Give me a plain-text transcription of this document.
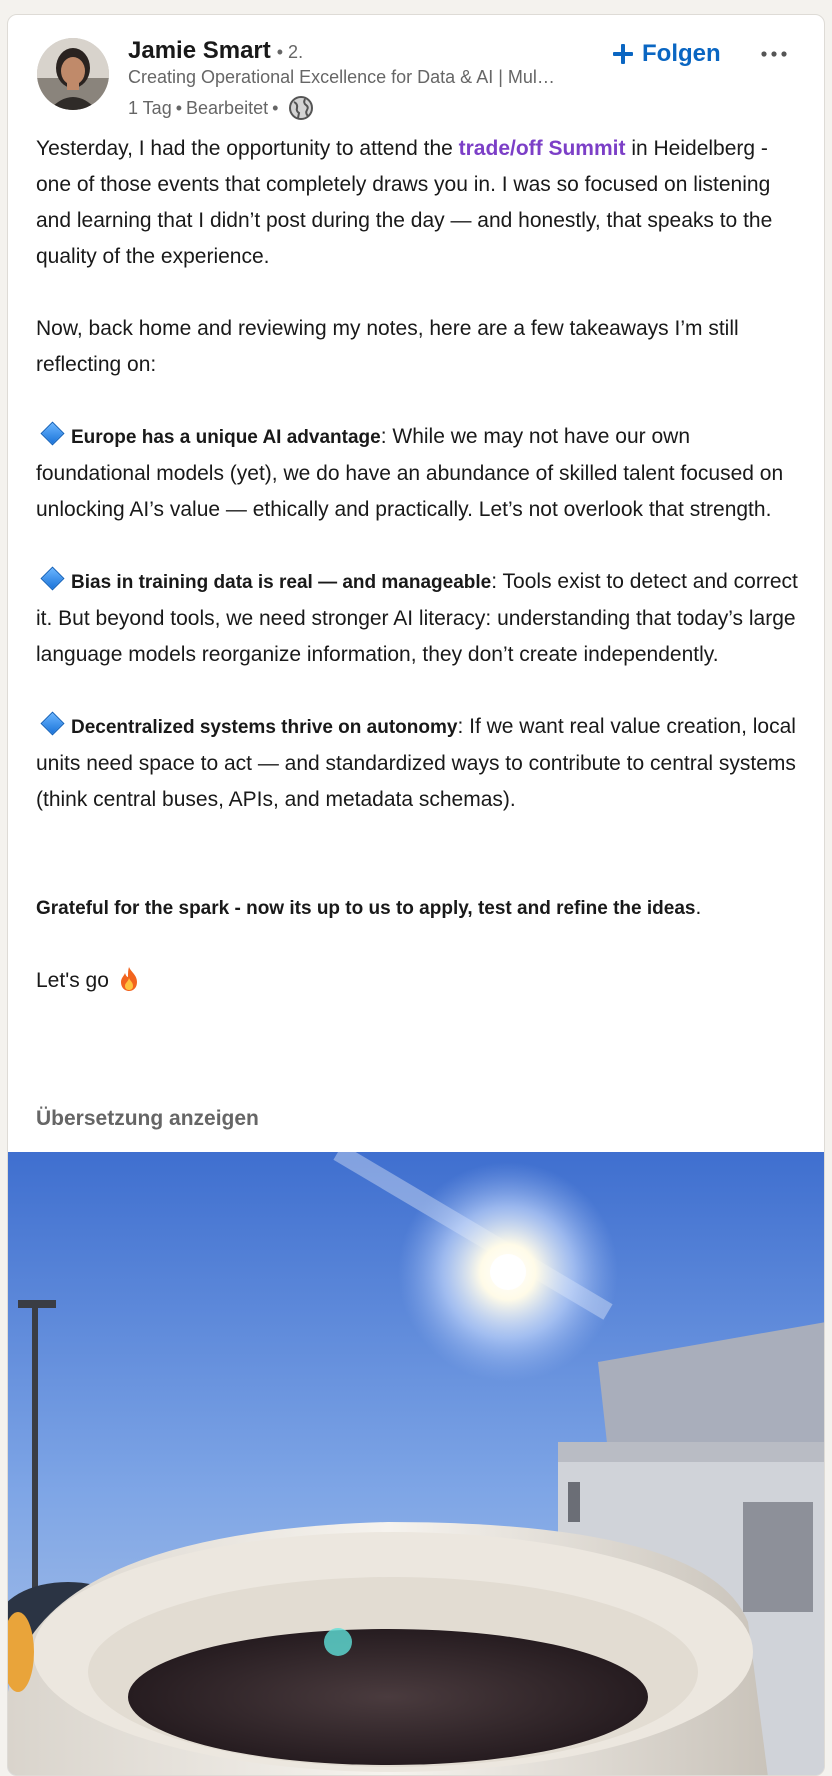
Jamie Smart • 2.
Creating Operational Excellence for Data & AI | Mul…
1 Tag • Bearbeitet •
Folgen

Yesterday, I had the opportunity to attend the trade/off Summit in Heidelberg - one of those events that completely draws you in. I was so focused on listening and learning that I didn’t post during the day — and honestly, that speaks to the quality of the experience.

Now, back home and reviewing my notes, here are a few takeaways I’m still reflecting on:

Europe has a unique AI advantage: While we may not have our own foundational models (yet), we do have an abundance of skilled talent focused on unlocking AI’s value — ethically and practically. Let’s not overlook that strength.

Bias in training data is real — and manageable: Tools exist to detect and correct it. But beyond tools, we need stronger AI literacy: understanding that today’s large language models reorganize information, they don’t create independently.

Decentralized systems thrive on autonomy: If we want real value creation, local units need space to act — and standardized ways to contribute to central systems (think central buses, APIs, and metadata schemas).

Grateful for the spark - now its up to us to apply, test and refine the ideas.

Let's go

Übersetzung anzeigen
